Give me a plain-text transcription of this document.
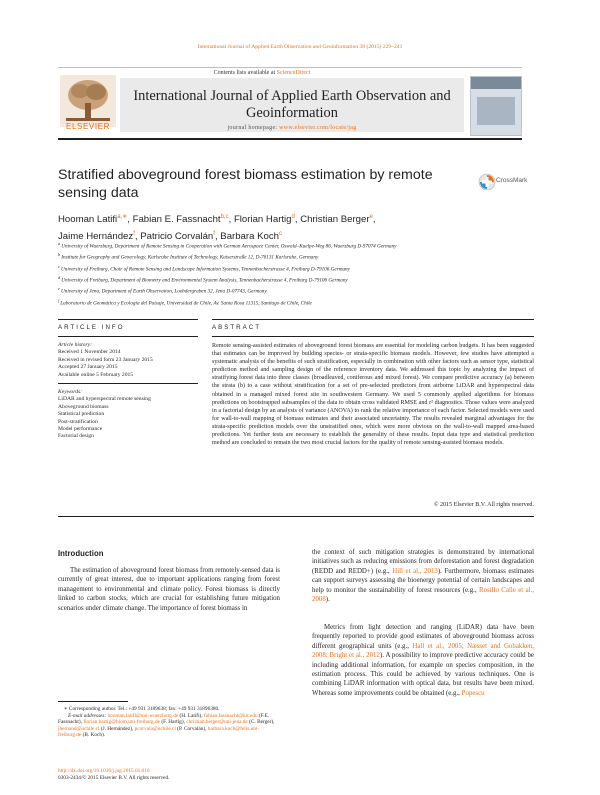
International Journal of Applied Earth Observation and Geoinformation 38 (2015) 229–241
Contents lists available at ScienceDirect
International Journal of Applied Earth Observation and Geoinformation
journal homepage: www.elsevier.com/locate/jag
ELSEVIER
Stratified aboveground forest biomass estimation by remote sensing data
CrossMark
Hooman Latifi$^{a,∗}$, Fabian E. Fassnacht$^{b,c}$, Florian Hartig$^d$, Christian Berger$^e$,
Jaime Hernández$^f$, Patricio Corvalán$^f$, Barbara Koch$^c$
$^a$ University of Wuerzburg, Department of Remote Sensing in Cooperation with German Aerospace Center, Oswald–Kuelpe-Weg 86, Wuerzburg D-97074 Germany
$^b$ Institute for Geography and Geoecology, Karlsruhe Institute of Technology, Kaiserstraße 12, D-76131 Karlsruhe, Germany
$^c$ University of Freiburg, Chair of Remote Sensing and Landscape Information Systems, Tennenbacherstrasse 4, Freiburg D-79106 Germany
$^d$ University of Freiburg, Department of Biometry and Environmental System Analysis, Tennenbacherstrasse 4, Freiburg D-79106 Germany
$^e$ University of Jena, Department of Earth Observation, Loebdergraben 32, Jena D-07743, Germany
$^f$ Laboratorio de Geomática y Ecología del Paisaje, Universidad de Chile, Av. Santa Rosa 11315, Santiago de Chile, Chile
ARTICLE INFO	ABSTRACT
Article history:
Received 1 November 2014
Received in revised form 23 January 2015
Accepted 27 January 2015
Available online 5 February 2015
Keywords:
LiDAR and hyperspectral remote sensing
Aboveground biomass
Statistical prediction
Post-stratification
Model performance
Factorial design
Remote sensing-assisted estimates of aboveground forest biomass are essential for modeling carbon budgets. It has been suggested that estimates can be improved by building species- or strata-specific biomass models. However, few studies have attempted a systematic analysis of the benefits of such stratification, especially in combination with other factors such as sensor type, statistical prediction method and sampling design of the reference inventory data. We addressed this topic by analyzing the impact of stratifying forest data into three classes (broadleaved, coniferous and mixed forest). We compare predictive accuracy (a) between the strata (b) to a case without stratification for a set of pre-selected predictors from airborne LiDAR and hyperspectral data obtained in a managed mixed forest site in southwestern Germany. We used 5 commonly applied algorithms for biomass predictions on bootstrapped subsamples of the data to obtain cross validated RMSE and r² diagnostics. Those values were analyzed in a factorial design by an analysis of variance (ANOVA) to rank the relative importance of each factor. Selected models were used for wall-to-wall mapping of biomass estimates and their associated uncertainty. The results revealed marginal advantages for the strata-specific prediction models over the unstratified ones, which were more obvious on the wall-to-wall mapped area-based predictions. Yet further tests are necessary to establish the generality of these results. Input data type and statistical prediction method are concluded to remain the two most crucial factors for the quality of remote sensing-assisted biomass models.
© 2015 Elsevier B.V. All rights reserved.
Introduction
The estimation of aboveground forest biomass from remotely-sensed data is currently of great interest, due to important applications ranging from forest management to environmental and climate policy. Forest biomass is directly linked to carbon stocks, which are crucial for establishing future mitigation scenarios under climate change. The importance of forest biomass in
the context of such mitigation strategies is demonstrated by international initiatives such as reducing emissions from deforestation and forest degradation (REDD and REDD+) (e.g., Hill et al., 2013). Furthermore, biomass estimates can support surveys assessing the bioenergy potential of certain landscapes and help to monitor the sustainability of forest resources (e.g., Rosillo Calle et al., 2008).
Metrics from light detection and ranging (LiDAR) data have been frequently reported to provide good estimates of aboveground biomass across different geographical units (e.g., Hall et al., 2005; Næsset and Gobakken, 2008; Bright et al., 2012). A possibility to improve predictive accuracy could be including additional information, for example on species composition, in the estimation process. This could be achieved by various techniques. One is combining LiDAR information with optical data, but results have been mixed. Whereas some improvements could be obtained (e.g., Popescu
∗ Corresponding author. Tel.: +49 931 3189638; fax: +49 931 31896380.
E-mail addresses: hooman.latifi@uni-wuerzburg.de (H. Latifi), fabian.fassnacht@kit.edu (F.E. Fassnacht), florian.hartig@biom.uni-freiburg.de (F. Hartig), christian.berger@uni-jena.de (C. Berger), jhernand@uchile.cl (J. Hernández), pcorvala@uchile.cl (P. Corvalán), barbara.koch@felis.uni-freiburg.de (B. Koch).
http://dx.doi.org/10.1016/j.jag.2015.01.016
0303-2434/© 2015 Elsevier B.V. All rights reserved.
